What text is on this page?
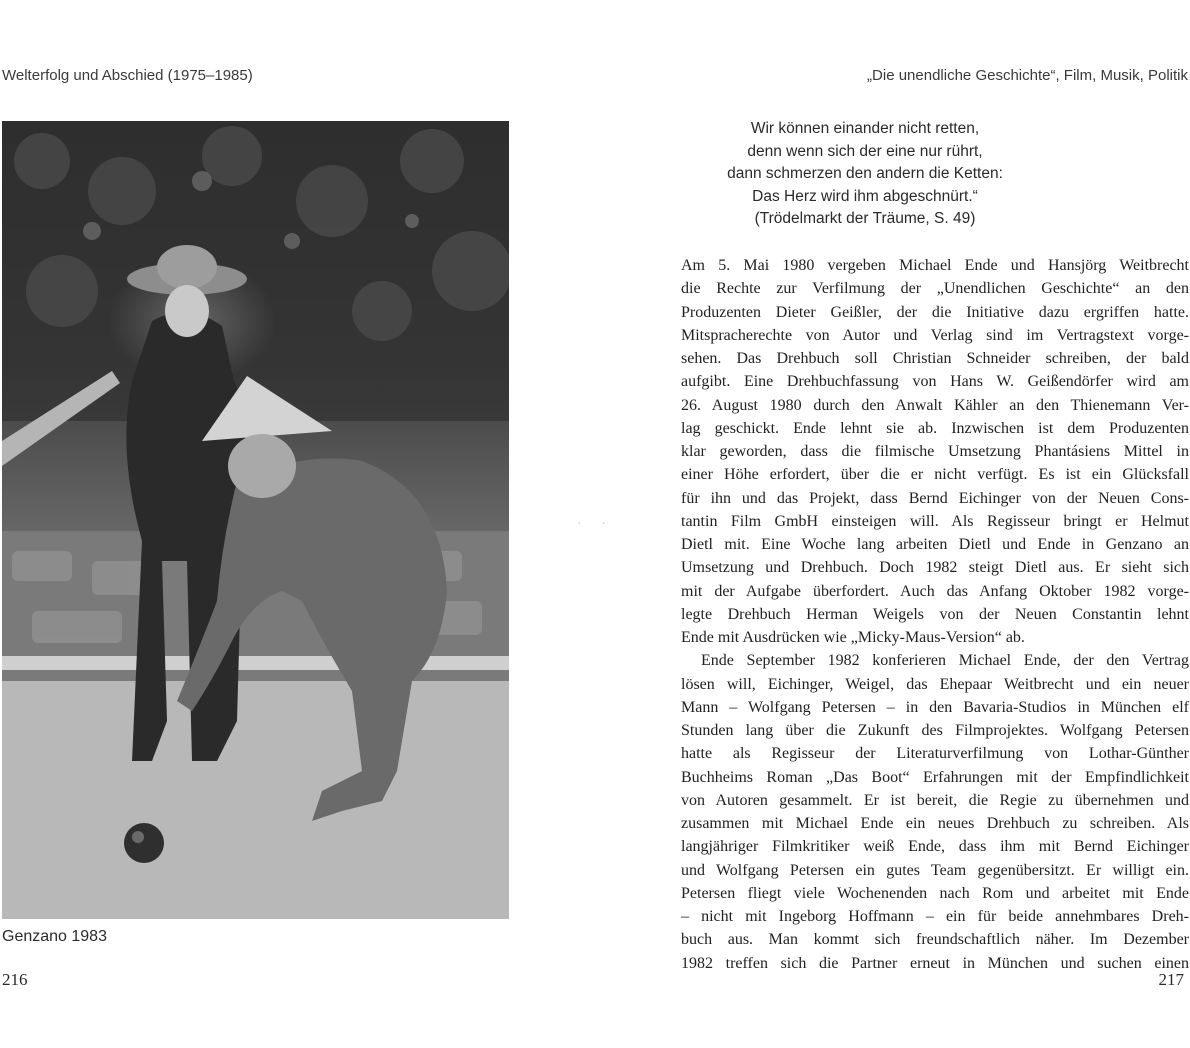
Welterfolg und Abschied (1975–1985)
Genzano 1983
216
··
„Die unendliche Geschichte“, Film, Musik, Politik
Wir können einander nicht retten,
denn wenn sich der eine nur rührt,
dann schmerzen den andern die Ketten:
Das Herz wird ihm abgeschnürt.“
(Trödelmarkt der Träume, S. 49)
Am 5. Mai 1980 vergeben Michael Ende und Hansjörg Weitbrecht
die Rechte zur Verfilmung der „Unendlichen Geschichte“ an den
Produzenten Dieter Geißler, der die Initiative dazu ergriffen hatte.
Mitspracherechte von Autor und Verlag sind im Vertragstext vorge-
sehen. Das Drehbuch soll Christian Schneider schreiben, der bald
aufgibt. Eine Drehbuchfassung von Hans W. Geißendörfer wird am
26. August 1980 durch den Anwalt Kähler an den Thienemann Ver-
lag geschickt. Ende lehnt sie ab. Inzwischen ist dem Produzenten
klar geworden, dass die filmische Umsetzung Phantásiens Mittel in
einer Höhe erfordert, über die er nicht verfügt. Es ist ein Glücksfall
für ihn und das Projekt, dass Bernd Eichinger von der Neuen Cons-
tantin Film GmbH einsteigen will. Als Regisseur bringt er Helmut
Dietl mit. Eine Woche lang arbeiten Dietl und Ende in Genzano an
Umsetzung und Drehbuch. Doch 1982 steigt Dietl aus. Er sieht sich
mit der Aufgabe überfordert. Auch das Anfang Oktober 1982 vorge-
legte Drehbuch Herman Weigels von der Neuen Constantin lehnt
Ende mit Ausdrücken wie „Micky-Maus-Version“ ab.
Ende September 1982 konferieren Michael Ende, der den Vertrag
lösen will, Eichinger, Weigel, das Ehepaar Weitbrecht und ein neuer
Mann – Wolfgang Petersen – in den Bavaria-Studios in München elf
Stunden lang über die Zukunft des Filmprojektes. Wolfgang Petersen
hatte als Regisseur der Literaturverfilmung von Lothar-Günther
Buchheims Roman „Das Boot“ Erfahrungen mit der Empfindlichkeit
von Autoren gesammelt. Er ist bereit, die Regie zu übernehmen und
zusammen mit Michael Ende ein neues Drehbuch zu schreiben. Als
langjähriger Filmkritiker weiß Ende, dass ihm mit Bernd Eichinger
und Wolfgang Petersen ein gutes Team gegenübersitzt. Er willigt ein.
Petersen fliegt viele Wochenenden nach Rom und arbeitet mit Ende
– nicht mit Ingeborg Hoffmann – ein für beide annehmbares Dreh-
buch aus. Man kommt sich freundschaftlich näher. Im Dezember
1982 treffen sich die Partner erneut in München und suchen einen
217
